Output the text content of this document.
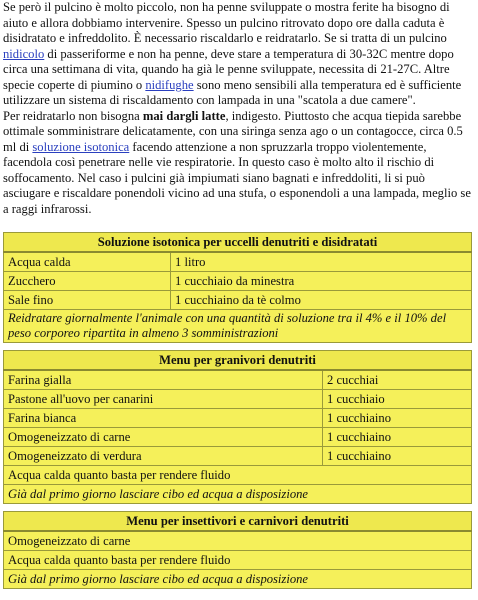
Se però il pulcino è molto piccolo, non ha penne sviluppate o mostra ferite ha bisogno di aiuto e allora dobbiamo intervenire. Spesso un pulcino ritrovato dopo ore dalla caduta è disidratato e infreddolito. È necessario riscaldarlo e reidratarlo. Se si tratta di un pulcino nidicolo di passeriforme e non ha penne, deve stare a temperatura di 30-32C mentre dopo circa una settimana di vita, quando ha già le penne sviluppate, necessita di 21-27C. Altre specie coperte di piumino o nidifughe sono meno sensibili alla temperatura ed è sufficiente utilizzare un sistema di riscaldamento con lampada in una "scatola a due camere".

Per reidratarlo non bisogna mai dargli latte, indigesto. Piuttosto che acqua tiepida sarebbe ottimale somministrare delicatamente, con una siringa senza ago o un contagocce, circa 0.5 ml di soluzione isotonica facendo attenzione a non spruzzarla troppo violentemente, facendola così penetrare nelle vie respiratorie. In questo caso è molto alto il rischio di soffocamento. Nel caso i pulcini già impiumati siano bagnati e infreddoliti, li si può asciugare e riscaldare ponendoli vicino ad una stufa, o esponendoli a una lampada, meglio se a raggi infrarossi.

Soluzione isotonica per uccelli denutriti e disidratati	
Acqua calda	1 litro
Zucchero	1 cucchiaio da minestra
Sale fino	1 cucchiaino da tè colmo
Reidratare giornalmente l'animale con una quantità di soluzione tra il 4% e il 10% del peso corporeo ripartita in almeno 3 somministrazioni	
Menu per granivori denutriti	
Farina gialla	2 cucchiai
Pastone all'uovo per canarini	1 cucchiaio
Farina bianca	1 cucchiaino
Omogeneizzato di carne	1 cucchiaino
Omogeneizzato di verdura	1 cucchiaino
Acqua calda quanto basta per rendere fluido	
Già dal primo giorno lasciare cibo ed acqua a disposizione	
Menu per insettivori e carnivori denutriti
Omogeneizzato di carne
Acqua calda quanto basta per rendere fluido
Già dal primo giorno lasciare cibo ed acqua a disposizione
